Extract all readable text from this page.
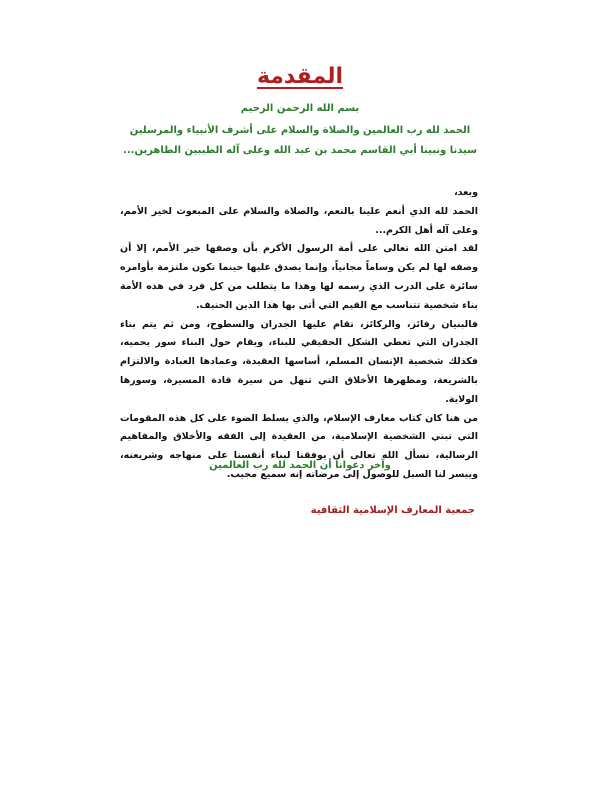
المقدمة
بسم الله الرحمن الرحيم
الحمد لله رب العالمين والصلاة والسلام على أشرف الأنبياء والمرسلين سيدنا ونبينا أبي القاسم محمد بن عبد الله وعلى آله الطيبين الطاهرين...

وبعد،

الحمد لله الذي أنعم علينا بالنعم، والصلاة والسلام على المبعوث لخير الأمم، وعلى آله أهل الكرم...

لقد امتن الله تعالى على أمة الرسول الأكرم بأن وصفها خير الأمم، إلا أن وصفه لها لم يكن وساماً مجانياً، وإنما يصدق عليها حينما تكون ملتزمة بأوامره سائرة على الدرب الذي رسمه لها وهذا ما يتطلب من كل فرد في هذه الأمة بناء شخصية تتناسب مع القيم التي أتى بها هذا الدين الحنيف.

فالبنيان رفائز، والركائز، تقام عليها الجدران والسطوح، ومن ثم يتم بناء الجدران التي تعطي الشكل الحقيقي للبناء، ويقام حول البناء سور يحميه، فكذلك شخصية الإنسان المسلم، أساسها العقيدة، وعمادها العبادة والالتزام بالشريعة، ومظهرها الأخلاق التي تنهل من سيرة قادة المسيرة، وسورها الولاية.

من هنا كان كتاب معارف الإسلام، والذي يسلط الضوء على كل هذه المقومات التي تبني الشخصية الإسلامية، من العقيدة إلى الفقه والأخلاق والمفاهيم الرسالية، نسأل الله تعالى أن يوفقنا لبناء أنفسنا على منهاجه وشريعته، وييسر لنا السبل للوصول إلى مرضاته إنه سميع مجيب.

وآخر دعوانا أن الحمد لله رب العالمين
جمعية المعارف الإسلامية الثقافية
